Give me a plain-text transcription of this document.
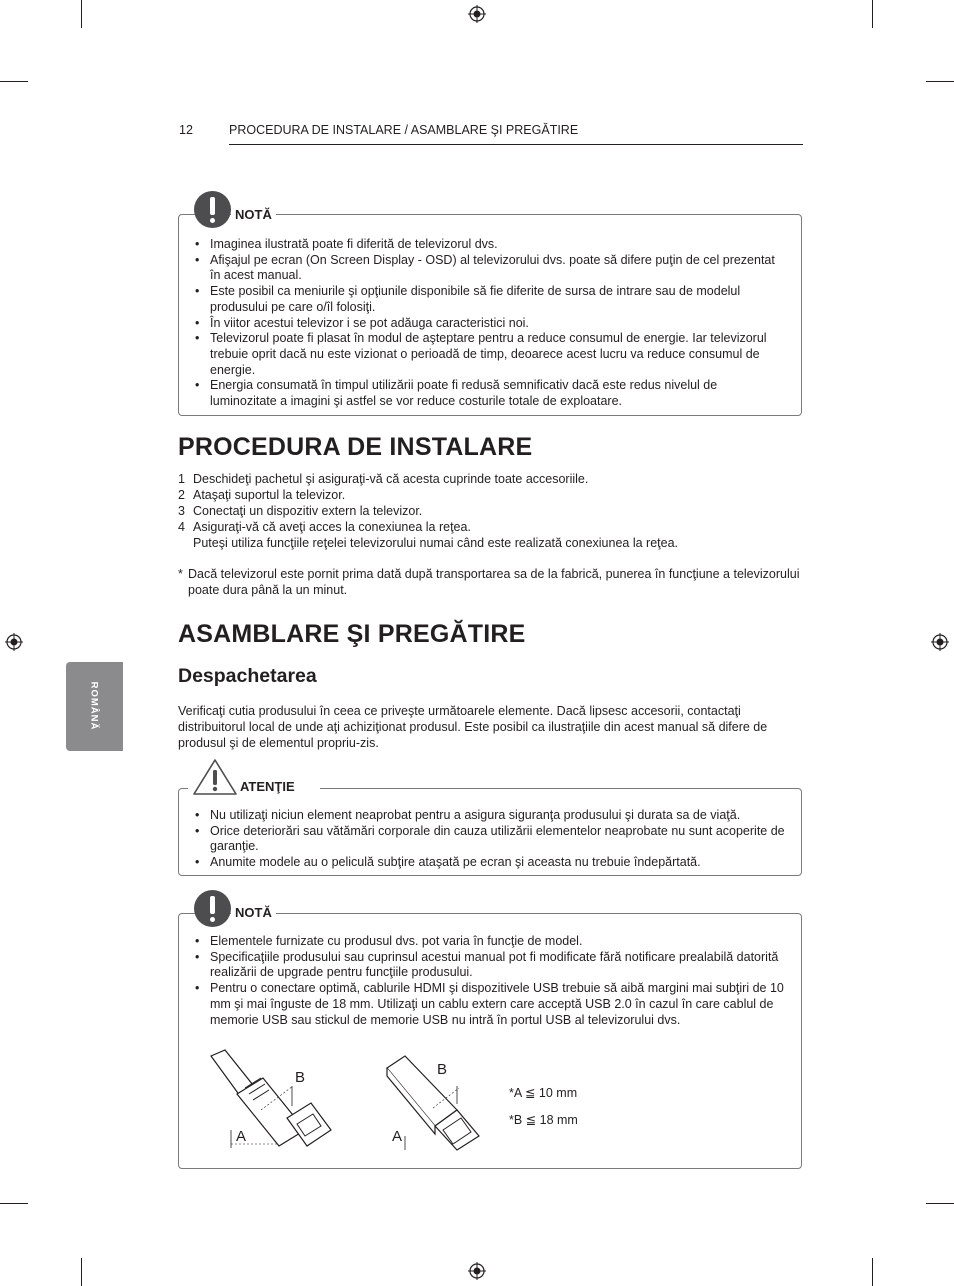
12	PROCEDURA DE INSTALARE / ASAMBLARE ŞI PREGĂTIRE
ROMÂNĂ
• Imaginea ilustrată poate fi diferită de televizorul dvs.
• Afişajul pe ecran (On Screen Display - OSD) al televizorului dvs. poate să difere puţin de cel prezentat în acest manual.
• Este posibil ca meniurile şi opţiunile disponibile să fie diferite de sursa de intrare sau de modelul produsului pe care o/îl folosiţi.
• În viitor acestui televizor i se pot adăuga caracteristici noi.
• Televizorul poate fi plasat în modul de aşteptare pentru a reduce consumul de energie. Iar televizorul trebuie oprit dacă nu este vizionat o perioadă de timp, deoarece acest lucru va reduce consumul de energie.
• Energia consumată în timpul utilizării poate fi redusă semnificativ dacă este redus nivelul de luminozitate a imagini şi astfel se vor reduce costurile totale de exploatare.
NOTĂ
PROCEDURA DE INSTALARE
1 Deschideţi pachetul şi asiguraţi-vă că acesta cuprinde toate accesoriile.
2 Ataşaţi suportul la televizor.
3 Conectaţi un dispozitiv extern la televizor.
4 Asiguraţi-vă că aveţi acces la conexiunea la reţea.
Puteşi utiliza funcţiile reţelei televizorului numai când este realizată conexiunea la reţea.
* Dacă televizorul este pornit prima dată după transportarea sa de la fabrică, punerea în funcţiune a televizorului poate dura până la un minut.
ASAMBLARE ŞI PREGĂTIRE
Despachetarea
Verificaţi cutia produsului în ceea ce priveşte următoarele elemente. Dacă lipsesc accesorii, contactaţi distribuitorul local de unde aţi achiziţionat produsul. Este posibil ca ilustraţiile din acest manual să difere de produsul şi de elementul propriu-zis.
• Nu utilizaţi niciun element neaprobat pentru a asigura siguranţa produsului şi durata sa de viaţă.
• Orice deteriorări sau vătămări corporale din cauza utilizării elementelor neaprobate nu sunt acoperite de garanţie.
• Anumite modele au o peliculă subţire ataşată pe ecran şi aceasta nu trebuie îndepărtată.
ATENŢIE
• Elementele furnizate cu produsul dvs. pot varia în funcţie de model.
• Specificaţiile produsului sau cuprinsul acestui manual pot fi modificate fără notificare prealabilă datorită realizării de upgrade pentru funcţiile produsului.
• Pentru o conectare optimă, cablurile HDMI şi dispozitivele USB trebuie să aibă margini mai subţiri de 10 mm şi mai înguste de 18 mm. Utilizaţi un cablu extern care acceptă USB 2.0 în cazul în care cablul de memorie USB sau stickul de memorie USB nu intră în portul USB al televizorului dvs.
B
A
B
A
*A ≦ 10 mm
*B ≦ 18 mm
NOTĂ
